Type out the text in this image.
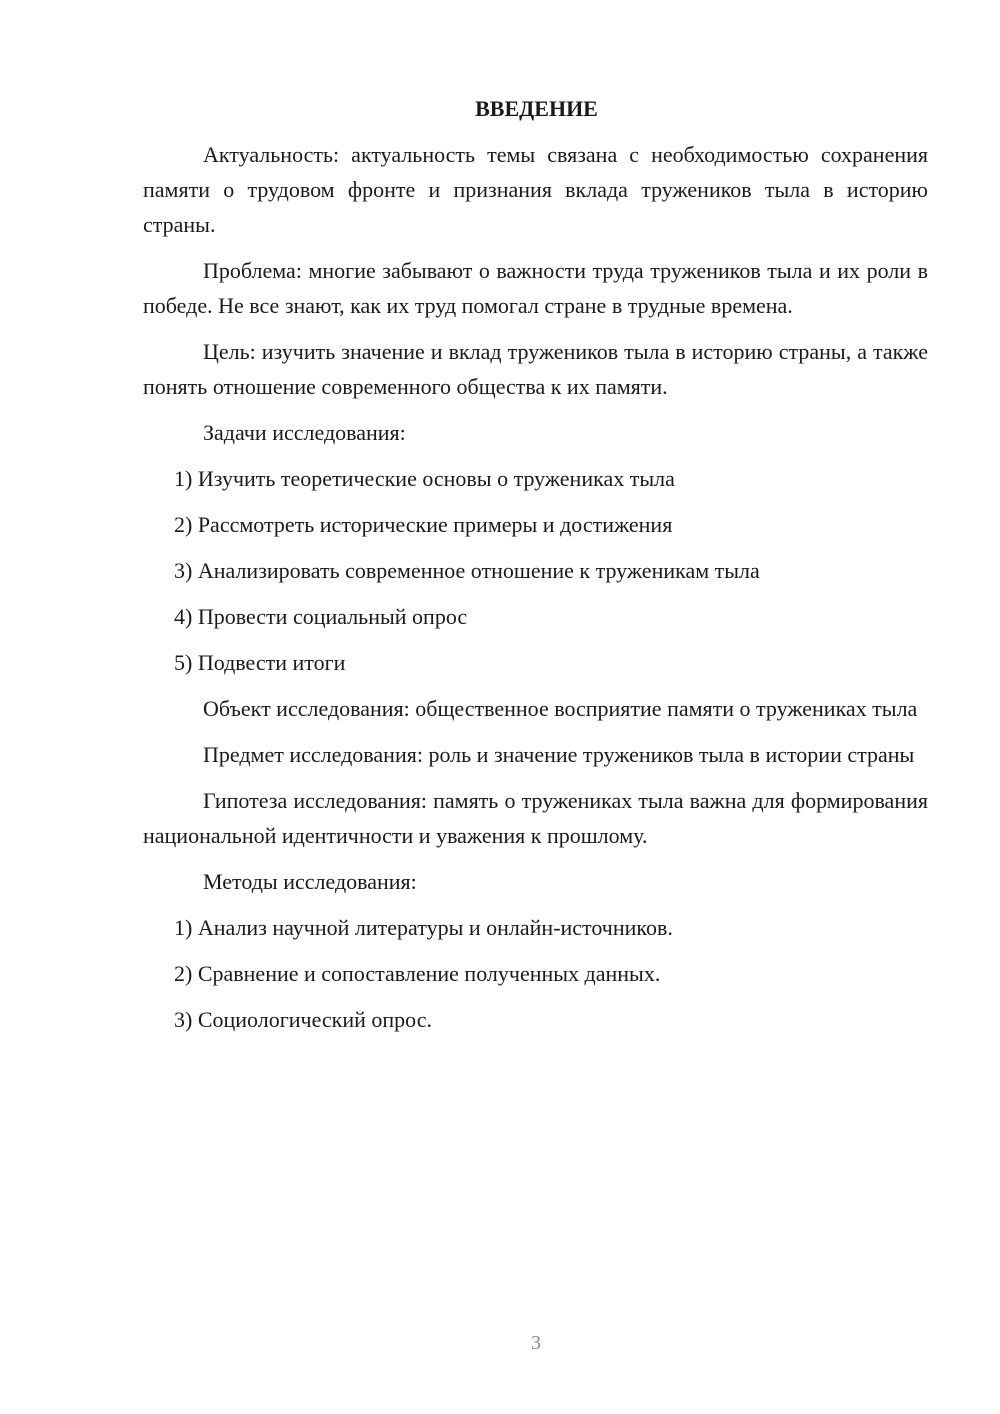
ВВЕДЕНИЕ

Актуальность: актуальность темы связана с необходимостью сохранения памяти о трудовом фронте и признания вклада тружеников тыла в историю страны.

Проблема: многие забывают о важности труда тружеников тыла и их роли в победе. Не все знают, как их труд помогал стране в трудные времена.

Цель: изучить значение и вклад тружеников тыла в историю страны, а также понять отношение современного общества к их памяти.

Задачи исследования:

1) Изучить теоретические основы о тружениках тыла

2) Рассмотреть исторические примеры и достижения

3) Анализировать современное отношение к труженикам тыла

4) Провести социальный опрос

5) Подвести итоги

Объект исследования: общественное восприятие памяти о тружениках тыла

Предмет исследования: роль и значение тружеников тыла в истории страны

Гипотеза исследования: память о тружениках тыла важна для формирования национальной идентичности и уважения к прошлому.

Методы исследования:

1) Анализ научной литературы и онлайн-источников.

2) Сравнение и сопоставление полученных данных.

3) Социологический опрос.

3
